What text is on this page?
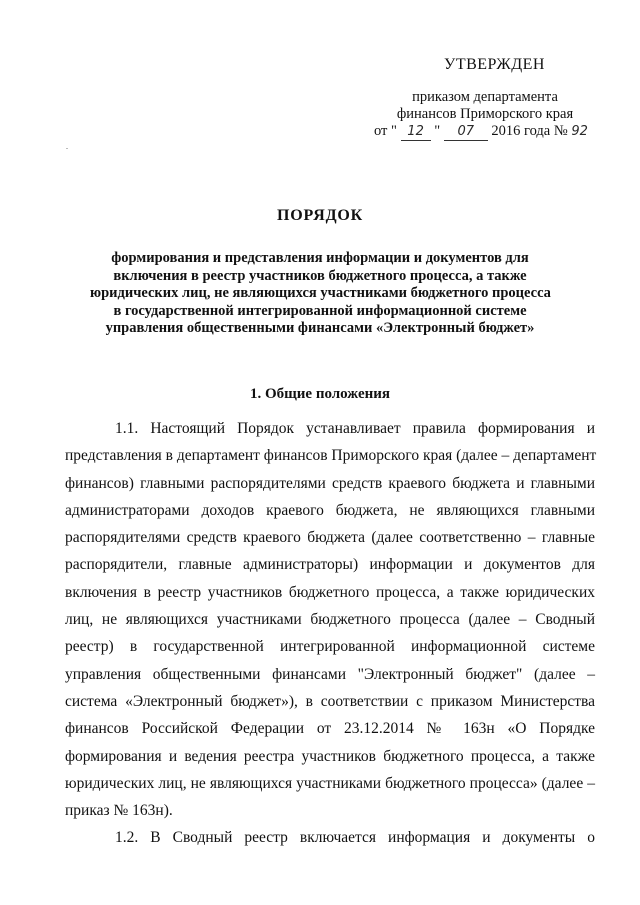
УТВЕРЖДЕН

приказом департамента
финансов Приморского края
от " 12 " 07 2016 года № 92

ПОРЯДОК

формирования и представления информации и документов для
включения в реестр участников бюджетного процесса, а также
юридических лиц, не являющихся участниками бюджетного процесса
в государственной интегрированной информационной системе
управления общественными финансами «Электронный бюджет»

1. Общие положения

1.1. Настоящий Порядок устанавливает правила формирования и
представления в департамент финансов Приморского края (далее – департамент
финансов) главными распорядителями средств краевого бюджета и главными
администраторами доходов краевого бюджета, не являющихся главными
распорядителями средств краевого бюджета (далее соответственно – главные
распорядители, главные администраторы) информации и документов для
включения в реестр участников бюджетного процесса, а также юридических
лиц, не являющихся участниками бюджетного процесса (далее – Сводный
реестр) в государственной интегрированной информационной системе
управления общественными финансами "Электронный бюджет" (далее –
система «Электронный бюджет»), в соответствии с приказом Министерства
финансов Российской Федерации от 23.12.2014 № 163н «О Порядке
формирования и ведения реестра участников бюджетного процесса, а также
юридических лиц, не являющихся участниками бюджетного процесса» (далее –
приказ № 163н).
1.2. В Сводный реестр включается информация и документы о
